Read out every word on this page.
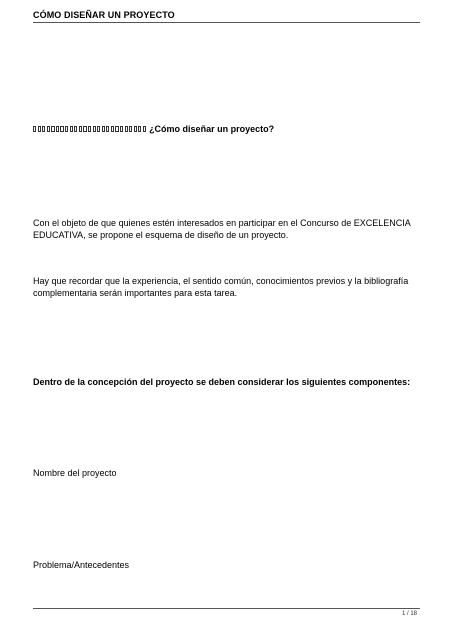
CÓMO DISEÑAR UN PROYECTO
¿Cómo diseñar un proyecto?

Con el objeto de que quienes estén interesados en participar en el Concurso de EXCELENCIA EDUCATIVA, se propone el esquema de diseño de un proyecto.

Hay que recordar que la experiencia, el sentido común, conocimientos previos y la bibliografía complementaria serán importantes para esta tarea.

Dentro de la concepción del proyecto se deben considerar los siguientes componentes:
Nombre del proyecto
Problema/Antecedentes
1 / 18
